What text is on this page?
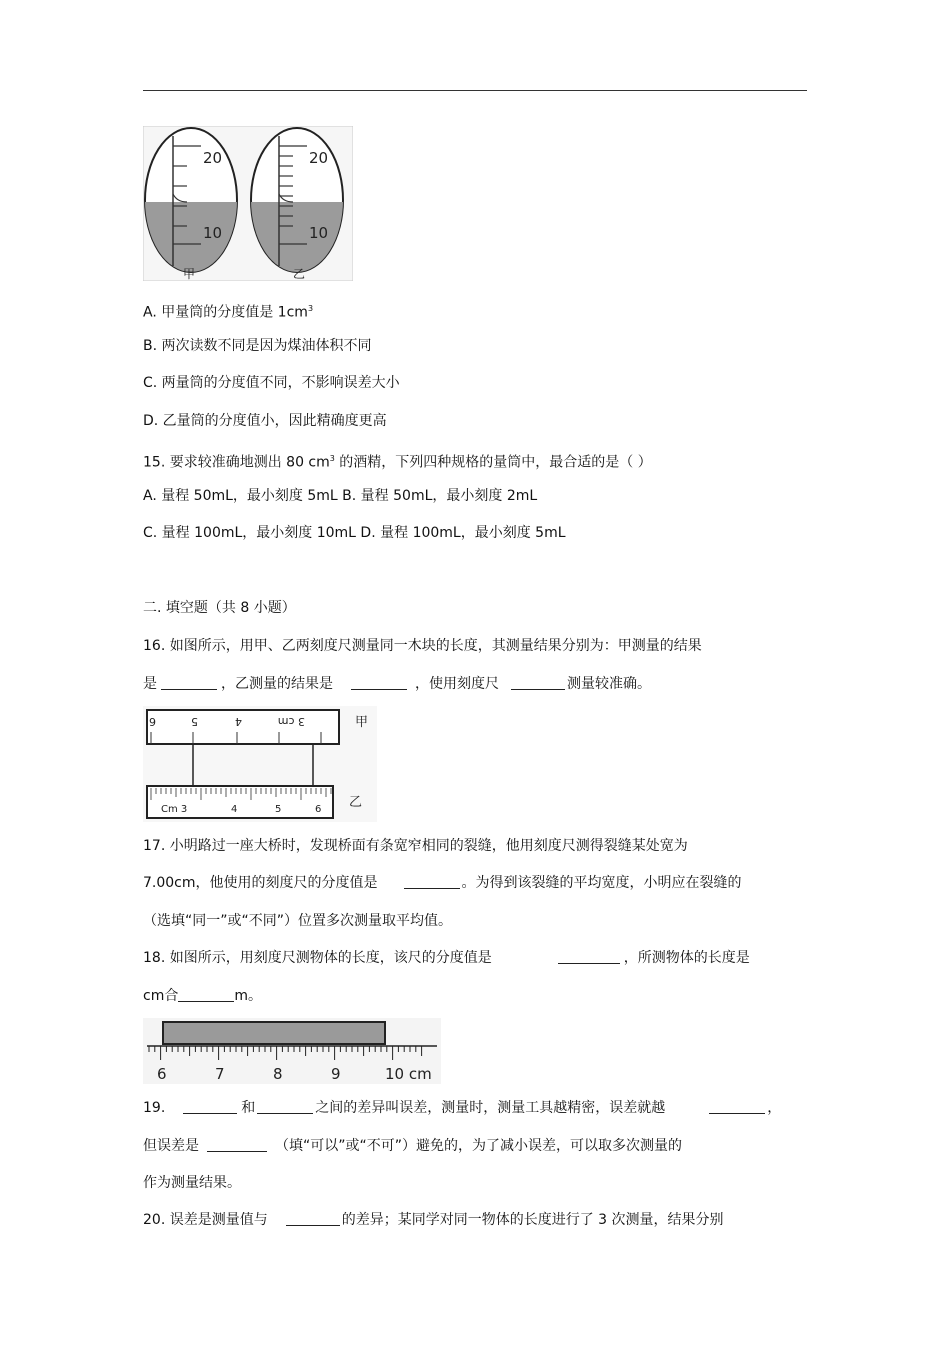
20
10
20
10
甲	乙
A. 甲量筒的分度值是 $1cm^3$
B. 两次读数不同是因为煤油体积不同
C. 两量筒的分度值不同，不影响误差大小
D. 乙量筒的分度值小，因此精确度更高
15. 要求较准确地测出 80 $cm^3$ 的酒精，下列四种规格的量筒中，最合适的是（ ）
A. 量程 50mL，最小刻度 5mL B. 量程 50mL，最小刻度 2mL
C. 量程 100mL，最小刻度 10mL D. 量程 100mL，最小刻度 5mL
二. 填空题（共 8 小题）
16. 如图所示，用甲、乙两刻度尺测量同一木块的长度，其测量结果分别为：甲测量的结果
是	，乙测量的结果是	，使用刻度尺	测量较准确。
6	5	4	3 cm	甲
Cm 3	4	5	6 乙
17. 小明路过一座大桥时，发现桥面有条宽窄相同的裂缝，他用刻度尺测得裂缝某处宽为
7.00cm，他使用的刻度尺的分度值是	。为得到该裂缝的平均宽度，小明应在裂缝的
（选填“同一”或“不同”）位置多次测量取平均值。
18. 如图所示，用刻度尺测物体的长度，该尺的分度值是	，所测物体的长度是
cm合	m。
6	7	8	9	10 cm
19.	和	之间的差异叫误差，测量时，测量工具越精密，误差就越	，
但误差是	（填“可以”或“不可”）避免的，为了减小误差，可以取多次测量的
作为测量结果。
20. 误差是测量值与	的差异；某同学对同一物体的长度进行了 3 次测量，结果分别
